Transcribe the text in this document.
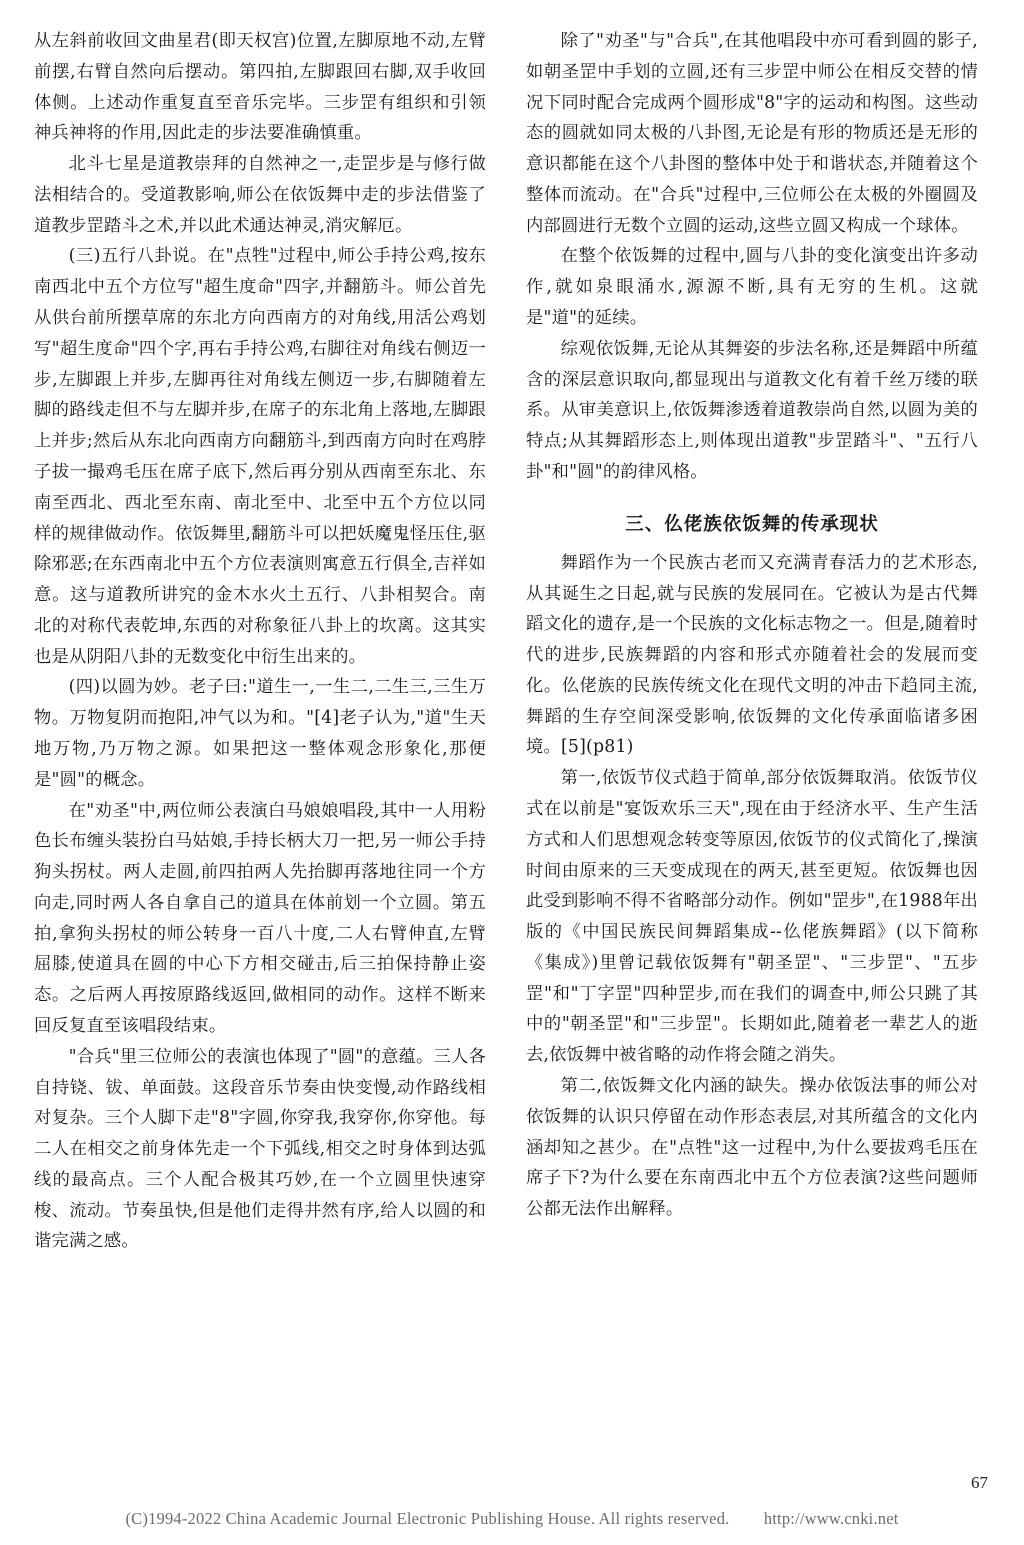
从左斜前收回文曲星君(即天权宫)位置,左脚原地不动,左臂前摆,右臂自然向后摆动。第四拍,左脚跟回右脚,双手收回体侧。上述动作重复直至音乐完毕。三步罡有组织和引领神兵神将的作用,因此走的步法要准确慎重。

北斗七星是道教崇拜的自然神之一,走罡步是与修行做法相结合的。受道教影响,师公在依饭舞中走的步法借鉴了道教步罡踏斗之术,并以此术通达神灵,消灾解厄。

(三)五行八卦说。在"点牲"过程中,师公手持公鸡,按东南西北中五个方位写"超生度命"四字,并翻筋斗。师公首先从供台前所摆草席的东北方向西南方的对角线,用活公鸡划写"超生度命"四个字,再右手持公鸡,右脚往对角线右侧迈一步,左脚跟上并步,左脚再往对角线左侧迈一步,右脚随着左脚的路线走但不与左脚并步,在席子的东北角上落地,左脚跟上并步;然后从东北向西南方向翻筋斗,到西南方向时在鸡脖子拔一撮鸡毛压在席子底下,然后再分别从西南至东北、东南至西北、西北至东南、南北至中、北至中五个方位以同样的规律做动作。依饭舞里,翻筋斗可以把妖魔鬼怪压住,驱除邪恶;在东西南北中五个方位表演则寓意五行俱全,吉祥如意。这与道教所讲究的金木水火土五行、八卦相契合。南北的对称代表乾坤,东西的对称象征八卦上的坎离。这其实也是从阴阳八卦的无数变化中衍生出来的。

(四)以圆为妙。老子曰:"道生一,一生二,二生三,三生万物。万物复阴而抱阳,冲气以为和。"[4]老子认为,"道"生天地万物,乃万物之源。如果把这一整体观念形象化,那便是"圆"的概念。

在"劝圣"中,两位师公表演白马娘娘唱段,其中一人用粉色长布缠头装扮白马姑娘,手持长柄大刀一把,另一师公手持狗头拐杖。两人走圆,前四拍两人先抬脚再落地往同一个方向走,同时两人各自拿自己的道具在体前划一个立圆。第五拍,拿狗头拐杖的师公转身一百八十度,二人右臂伸直,左臂屈膝,使道具在圆的中心下方相交碰击,后三拍保持静止姿态。之后两人再按原路线返回,做相同的动作。这样不断来回反复直至该唱段结束。

"合兵"里三位师公的表演也体现了"圆"的意蕴。三人各自持铙、钹、单面鼓。这段音乐节奏由快变慢,动作路线相对复杂。三个人脚下走"8"字圆,你穿我,我穿你,你穿他。每二人在相交之前身体先走一个下弧线,相交之时身体到达弧线的最高点。三个人配合极其巧妙,在一个立圆里快速穿梭、流动。节奏虽快,但是他们走得井然有序,给人以圆的和谐完满之感。

除了"劝圣"与"合兵",在其他唱段中亦可看到圆的影子,如朝圣罡中手划的立圆,还有三步罡中师公在相反交替的情况下同时配合完成两个圆形成"8"字的运动和构图。这些动态的圆就如同太极的八卦图,无论是有形的物质还是无形的意识都能在这个八卦图的整体中处于和谐状态,并随着这个整体而流动。在"合兵"过程中,三位师公在太极的外圈圆及内部圆进行无数个立圆的运动,这些立圆又构成一个球体。

在整个依饭舞的过程中,圆与八卦的变化演变出许多动作,就如泉眼涌水,源源不断,具有无穷的生机。这就是"道"的延续。

综观依饭舞,无论从其舞姿的步法名称,还是舞蹈中所蕴含的深层意识取向,都显现出与道教文化有着千丝万缕的联系。从审美意识上,依饭舞渗透着道教崇尚自然,以圆为美的特点;从其舞蹈形态上,则体现出道教"步罡踏斗"、"五行八卦"和"圆"的韵律风格。

三、仫佬族依饭舞的传承现状

舞蹈作为一个民族古老而又充满青春活力的艺术形态,从其诞生之日起,就与民族的发展同在。它被认为是古代舞蹈文化的遗存,是一个民族的文化标志物之一。但是,随着时代的进步,民族舞蹈的内容和形式亦随着社会的发展而变化。仫佬族的民族传统文化在现代文明的冲击下趋同主流,舞蹈的生存空间深受影响,依饭舞的文化传承面临诸多困境。[5](p81)

第一,依饭节仪式趋于简单,部分依饭舞取消。依饭节仪式在以前是"宴饭欢乐三天",现在由于经济水平、生产生活方式和人们思想观念转变等原因,依饭节的仪式简化了,操演时间由原来的三天变成现在的两天,甚至更短。依饭舞也因此受到影响不得不省略部分动作。例如"罡步",在1988年出版的《中国民族民间舞蹈集成--仫佬族舞蹈》(以下简称《集成》)里曾记载依饭舞有"朝圣罡"、"三步罡"、"五步罡"和"丁字罡"四种罡步,而在我们的调查中,师公只跳了其中的"朝圣罡"和"三步罡"。长期如此,随着老一辈艺人的逝去,依饭舞中被省略的动作将会随之消失。

第二,依饭舞文化内涵的缺失。操办依饭法事的师公对依饭舞的认识只停留在动作形态表层,对其所蕴含的文化内涵却知之甚少。在"点牲"这一过程中,为什么要拔鸡毛压在席子下?为什么要在东南西北中五个方位表演?这些问题师公都无法作出解释。

67
(C)1994-2022 China Academic Journal Electronic Publishing House. All rights reserved. http://www.cnki.net
